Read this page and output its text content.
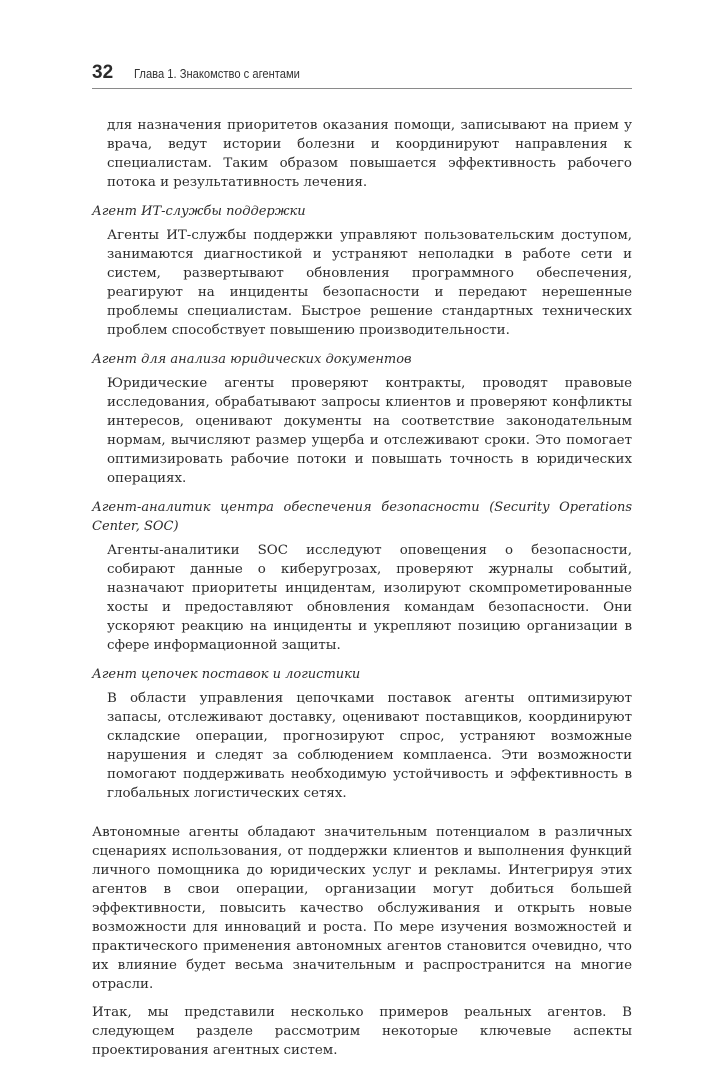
32 Глава 1. Знакомство с агентами

для назначения приоритетов оказания помощи, записывают на прием у врача, ведут истории болезни и координируют направления к специалистам. Таким образом повышается эффективность рабочего потока и результативность лечения.

Агент ИТ-службы поддержки

Агенты ИТ-службы поддержки управляют пользовательским доступом, занимаются диагностикой и устраняют неполадки в работе сети и систем, развертывают обновления программного обеспечения, реагируют на инциденты безопасности и передают нерешенные проблемы специалистам. Быстрое решение стандартных технических проблем способствует повышению производительности.

Агент для анализа юридических документов

Юридические агенты проверяют контракты, проводят правовые исследования, обрабатывают запросы клиентов и проверяют конфликты интересов, оценивают документы на соответствие законодательным нормам, вычисляют размер ущерба и отслеживают сроки. Это помогает оптимизировать рабочие потоки и повышать точность в юридических операциях.

Агент-аналитик центра обеспечения безопасности (Security Operations Center, SOC)

Агенты-аналитики SOC исследуют оповещения о безопасности, собирают данные о киберугрозах, проверяют журналы событий, назначают приоритеты инцидентам, изолируют скомпрометированные хосты и предоставляют обновления командам безопасности. Они ускоряют реакцию на инциденты и укрепляют позицию организации в сфере информационной защиты.

Агент цепочек поставок и логистики

В области управления цепочками поставок агенты оптимизируют запасы, отслеживают доставку, оценивают поставщиков, координируют складские операции, прогнозируют спрос, устраняют возможные нарушения и следят за соблюдением комплаенса. Эти возможности помогают поддерживать необходимую устойчивость и эффективность в глобальных логистических сетях.

Автономные агенты обладают значительным потенциалом в различных сценариях использования, от поддержки клиентов и выполнения функций личного помощника до юридических услуг и рекламы. Интегрируя этих агентов в свои операции, организации могут добиться большей эффективности, повысить качество обслуживания и открыть новые возможности для инноваций и роста. По мере изучения возможностей и практического применения автономных агентов становится очевидно, что их влияние будет весьма значительным и распространится на многие отрасли.

Итак, мы представили несколько примеров реальных агентов. В следующем разделе рассмотрим некоторые ключевые аспекты проектирования агентных систем.
